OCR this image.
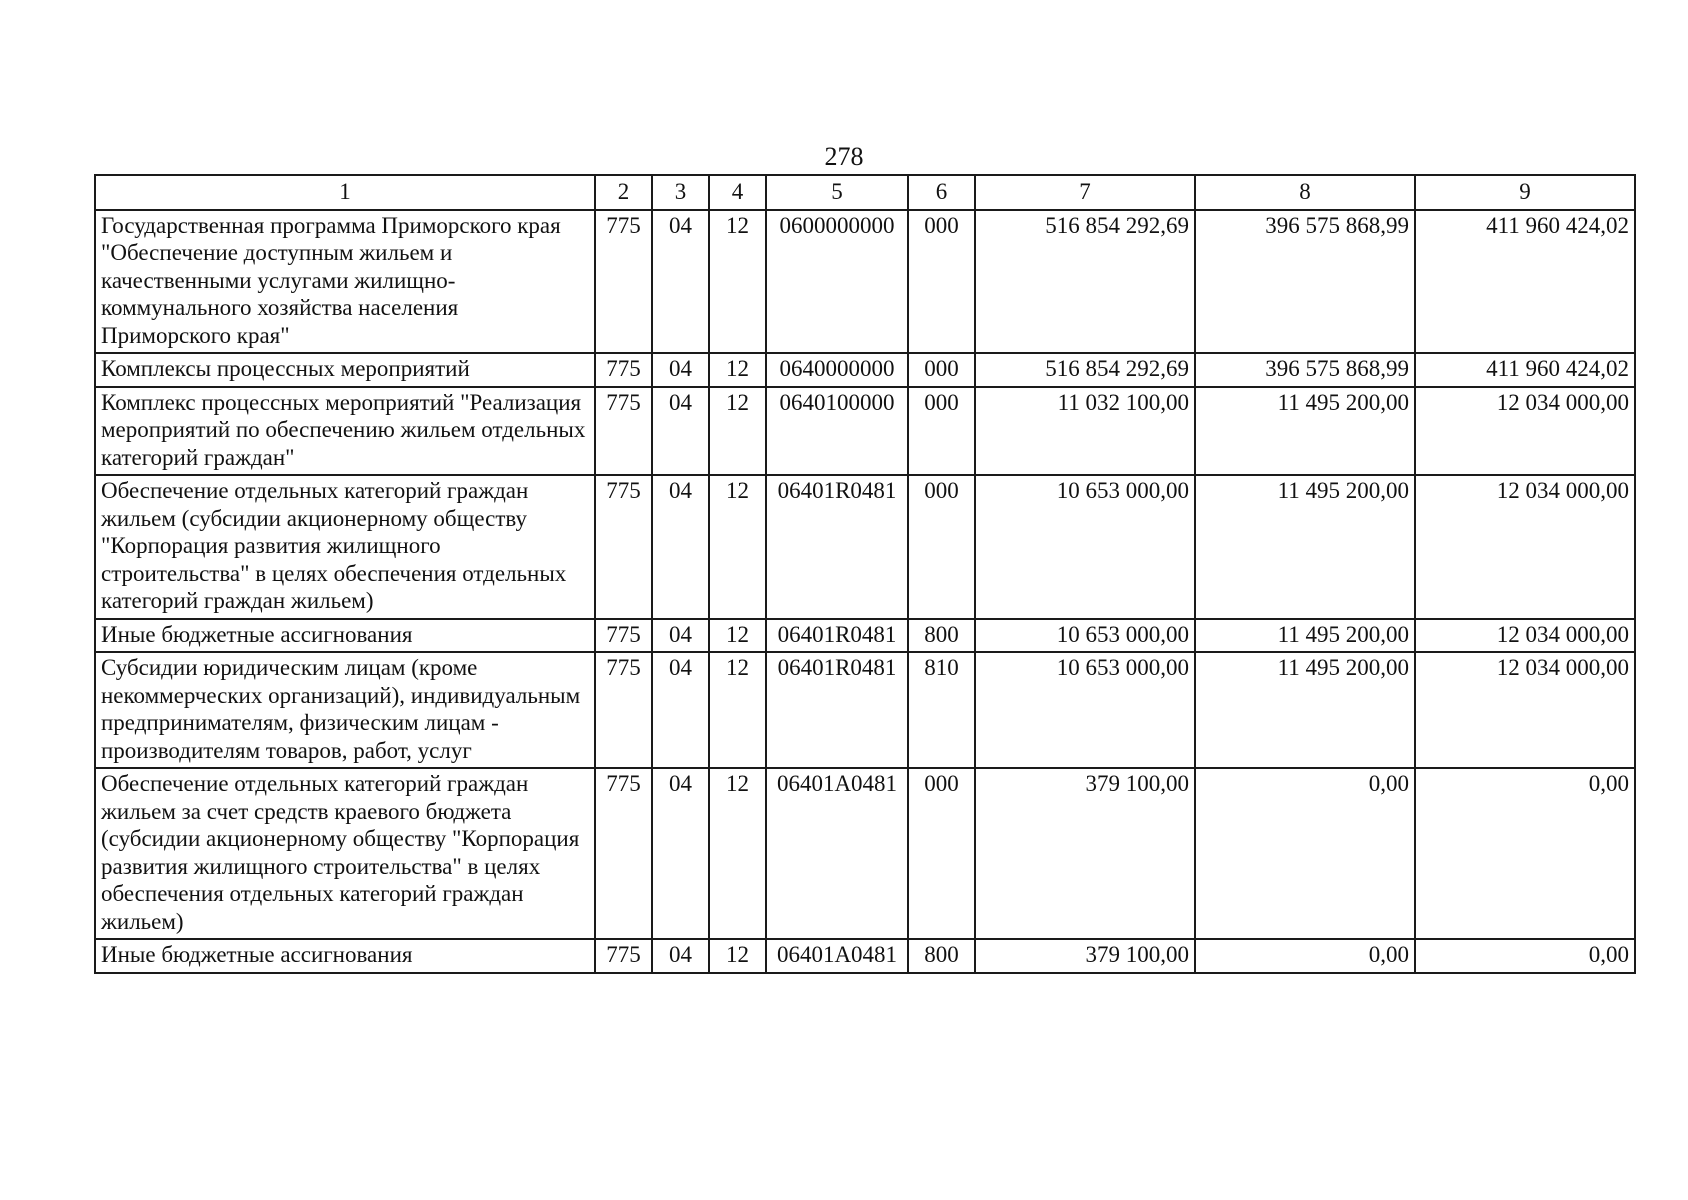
278
1	2	3	4	5	6	7	8	9
Государственная программа Приморского края "Обеспечение доступным жильем и качественными услугами жилищно-коммунального хозяйства населения Приморского края"	775	04	12	0600000000	000	516 854 292,69	396 575 868,99	411 960 424,02
Комплексы процессных мероприятий	775	04	12	0640000000	000	516 854 292,69	396 575 868,99	411 960 424,02
Комплекс процессных мероприятий "Реализация мероприятий по обеспечению жильем отдельных категорий граждан"	775	04	12	0640100000	000	11 032 100,00	11 495 200,00	12 034 000,00
Обеспечение отдельных категорий граждан жильем (субсидии акционерному обществу "Корпорация развития жилищного строительства" в целях обеспечения отдельных категорий граждан жильем)	775	04	12	06401R0481	000	10 653 000,00	11 495 200,00	12 034 000,00
Иные бюджетные ассигнования	775	04	12	06401R0481	800	10 653 000,00	11 495 200,00	12 034 000,00
Субсидии юридическим лицам (кроме некоммерческих организаций), индивидуальным предпринимателям, физическим лицам - производителям товаров, работ, услуг	775	04	12	06401R0481	810	10 653 000,00	11 495 200,00	12 034 000,00
Обеспечение отдельных категорий граждан жильем за счет средств краевого бюджета (субсидии акционерному обществу "Корпорация развития жилищного строительства" в целях обеспечения отдельных категорий граждан жильем)	775	04	12	06401A0481	000	379 100,00	0,00	0,00
Иные бюджетные ассигнования	775	04	12	06401A0481	800	379 100,00	0,00	0,00
